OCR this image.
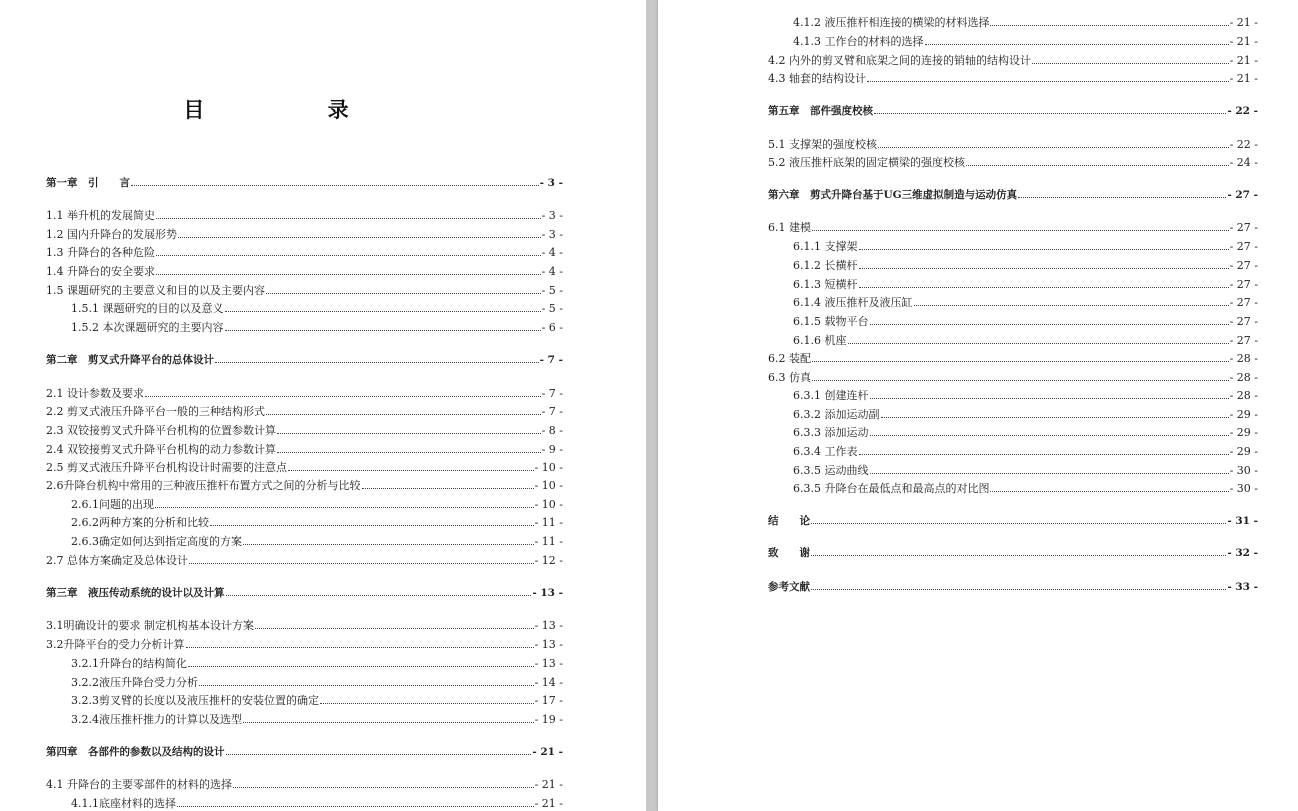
目 录
第一章　引　　言	- 3 -
1.1 举升机的发展简史	- 3 -
1.2 国内升降台的发展形势	- 3 -
1.3 升降台的各种危险	- 4 -
1.4 升降台的安全要求	- 4 -
1.5 课题研究的主要意义和目的以及主要内容	- 5 -
1.5.1 课题研究的目的以及意义	- 5 -
1.5.2 本次课题研究的主要内容	- 6 -
第二章　剪叉式升降平台的总体设计	- 7 -
2.1 设计参数及要求	- 7 -
2.2 剪叉式液压升降平台一般的三种结构形式	- 7 -
2.3 双铰接剪叉式升降平台机构的位置参数计算	- 8 -
2.4 双铰接剪叉式升降平台机构的动力参数计算	- 9 -
2.5 剪叉式液压升降平台机构设计时需要的注意点	- 10 -
2.6升降台机构中常用的三种液压推杆布置方式之间的分析与比较	- 10 -
2.6.1问题的出现	- 10 -
2.6.2两种方案的分析和比较	- 11 -
2.6.3确定如何达到指定高度的方案	- 11 -
2.7 总体方案确定及总体设计	- 12 -
第三章　液压传动系统的设计以及计算	- 13 -
3.1明确设计的要求 制定机构基本设计方案	- 13 -
3.2升降平台的受力分析计算	- 13 -
3.2.1升降台的结构简化	- 13 -
3.2.2液压升降台受力分析	- 14 -
3.2.3剪叉臂的长度以及液压推杆的安装位置的确定	- 17 -
3.2.4液压推杆推力的计算以及选型	- 19 -
第四章　各部件的参数以及结构的设计	- 21 -
4.1 升降台的主要零部件的材料的选择	- 21 -
4.1.1底座材料的选择	- 21 -
4.1.2 液压推杆相连接的横梁的材料选择	- 21 -
4.1.3 工作台的材料的选择	- 21 -
4.2 内外的剪叉臂和底架之间的连接的销轴的结构设计	- 21 -
4.3 轴套的结构设计	- 21 -
第五章　部件强度校核	- 22 -
5.1 支撑架的强度校核	- 22 -
5.2 液压推杆底架的固定横梁的强度校核	- 24 -
第六章　剪式升降台基于UG三维虚拟制造与运动仿真	- 27 -
6.1 建模	- 27 -
6.1.1 支撑架	- 27 -
6.1.2 长横杆	- 27 -
6.1.3 短横杆	- 27 -
6.1.4 液压推杆及液压缸	- 27 -
6.1.5 载物平台	- 27 -
6.1.6 机座	- 27 -
6.2 装配	- 28 -
6.3 仿真	- 28 -
6.3.1 创建连杆	- 28 -
6.3.2 添加运动副	- 29 -
6.3.3 添加运动	- 29 -
6.3.4 工作表	- 29 -
6.3.5 运动曲线	- 30 -
6.3.5 升降台在最低点和最高点的对比图	- 30 -
结　　论	- 31 -
致　　谢	- 32 -
参考文献	- 33 -
